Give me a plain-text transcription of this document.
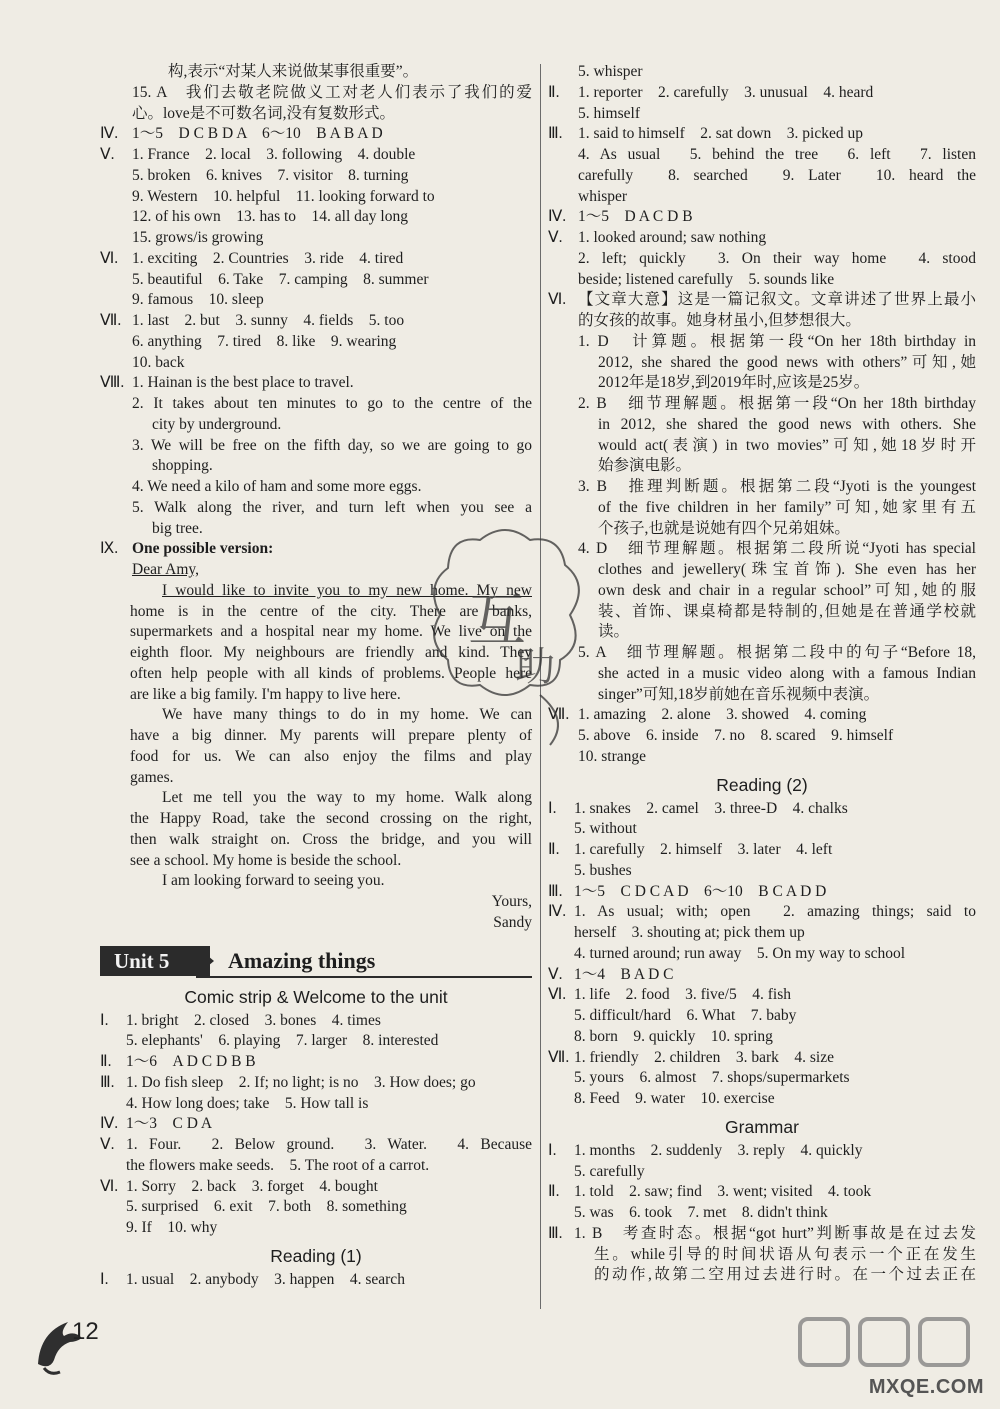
构,表示“对某人来说做某事很重要”。
15. A　我们去敬老院做义工对老人们表示了我们的爱
心。love是不可数名词,没有复数形式。
Ⅳ. 1～5　D C B D A　6～10　B A B A D
Ⅴ. 1. France　2. local　3. following　4. double
5. broken　6. knives　7. visitor　8. turning
9. Western　10. helpful　11. looking forward to
12. of his own　13. has to　14. all day long
15. grows/is growing
Ⅵ. 1. exciting　2. Countries　3. ride　4. tired
5. beautiful　6. Take　7. camping　8. summer
9. famous　10. sleep
Ⅶ. 1. last　2. but　3. sunny　4. fields　5. too
6. anything　7. tired　8. like　9. wearing
10. back
Ⅷ. 1. Hainan is the best place to travel.
2. It takes about ten minutes to go to the centre of the
city by underground.
3. We will be free on the fifth day, so we are going to go
shopping.
4. We need a kilo of ham and some more eggs.
5. Walk along the river, and turn left when you see a
big tree.
Ⅸ. One possible version:
Dear Amy,
I would like to invite you to my new home. My new
home is in the centre of the city. There are banks,
supermarkets and a hospital near my home. We live on the
eighth floor. My neighbours are friendly and kind. They
often help people with all kinds of problems. People here
are like a big family. I'm happy to live here.
We have many things to do in my home. We can
have a big dinner. My parents will prepare plenty of
food for us. We can also enjoy the films and play
games.
Let me tell you the way to my home. Walk along
the Happy Road, take the second crossing on the right,
then walk straight on. Cross the bridge, and you will
see a school. My home is beside the school.
I am looking forward to seeing you.
Yours,
Sandy
Unit 5	Amazing things
Comic strip & Welcome to the unit
Ⅰ. 1. bright　2. closed　3. bones　4. times
5. elephants'　6. playing　7. larger　8. interested
Ⅱ. 1～6　A D C D B B
Ⅲ. 1. Do fish sleep　2. If; no light; is no　3. How does; go
4. How long does; take　5. How tall is
Ⅳ. 1～3　C D A
Ⅴ. 1. Four.　2. Below ground.　3. Water.　4. Because
the flowers make seeds.　5. The root of a carrot.
Ⅵ. 1. Sorry　2. back　3. forget　4. bought
5. surprised　6. exit　7. both　8. something
9. If　10. why
Reading (1)
Ⅰ. 1. usual　2. anybody　3. happen　4. search
5. whisper
Ⅱ. 1. reporter　2. carefully　3. unusual　4. heard
5. himself
Ⅲ. 1. said to himself　2. sat down　3. picked up
4. As usual　5. behind the tree　6. left　7. listen
carefully　8. searched　9. Later　10. heard the
whisper
Ⅳ. 1～5　D A C D B
Ⅴ. 1. looked around; saw nothing
2. left; quickly　3. On their way home　4. stood
beside; listened carefully　5. sounds like
Ⅵ. 【文章大意】这是一篇记叙文。文章讲述了世界上最小
的女孩的故事。她身材虽小,但梦想很大。
1. D　计算题。根据第一段“On her 18th birthday in
2012, she shared the good news with others”可知,她
2012年是18岁,到2019年时,应该是25岁。
2. B　细节理解题。根据第一段“On her 18th birthday
in 2012, she shared the good news with others. She
would act(表演) in two movies”可知,她18岁时开
始参演电影。
3. B　推理判断题。根据第二段“Jyoti is the youngest
of the five children in her family”可知,她家里有五
个孩子,也就是说她有四个兄弟姐妹。
4. D　细节理解题。根据第二段所说“Jyoti has special
clothes and jewellery(珠宝首饰). She even has her
own desk and chair in a regular school”可知,她的服
装、首饰、课桌椅都是特制的,但她是在普通学校就
读。
5. A　细节理解题。根据第二段中的句子“Before 18,
she acted in a music video along with a famous Indian
singer”可知,18岁前她在音乐视频中表演。
Ⅶ. 1. amazing　2. alone　3. showed　4. coming
5. above　6. inside　7. no　8. scared　9. himself
10. strange
Reading (2)
Ⅰ. 1. snakes　2. camel　3. three-D　4. chalks
5. without
Ⅱ. 1. carefully　2. himself　3. later　4. left
5. bushes
Ⅲ. 1～5　C D C A D　6～10　B C A D D
Ⅳ. 1. As usual; with; open　2. amazing things; said to
herself　3. shouting at; pick them up
4. turned around; run away　5. On my way to school
Ⅴ. 1～4　B A D C
Ⅵ. 1. life　2. food　3. five/5　4. fish
5. difficult/hard　6. What　7. baby
8. born　9. quickly　10. spring
Ⅶ. 1. friendly　2. children　3. bark　4. size
5. yours　6. almost　7. shops/supermarkets
8. Feed　9. water　10. exercise
Grammar
Ⅰ. 1. months　2. suddenly　3. reply　4. quickly
5. carefully
Ⅱ. 1. told　2. saw; find　3. went; visited　4. took
5. was　6. took　7. met　8. didn't think
Ⅲ. 1. B　考查时态。根据“got hurt”判断事故是在过去发
生。while引导的时间状语从句表示一个正在发生
的动作,故第二空用过去进行时。在一个过去正在
互
助
12
MXQE.COM
